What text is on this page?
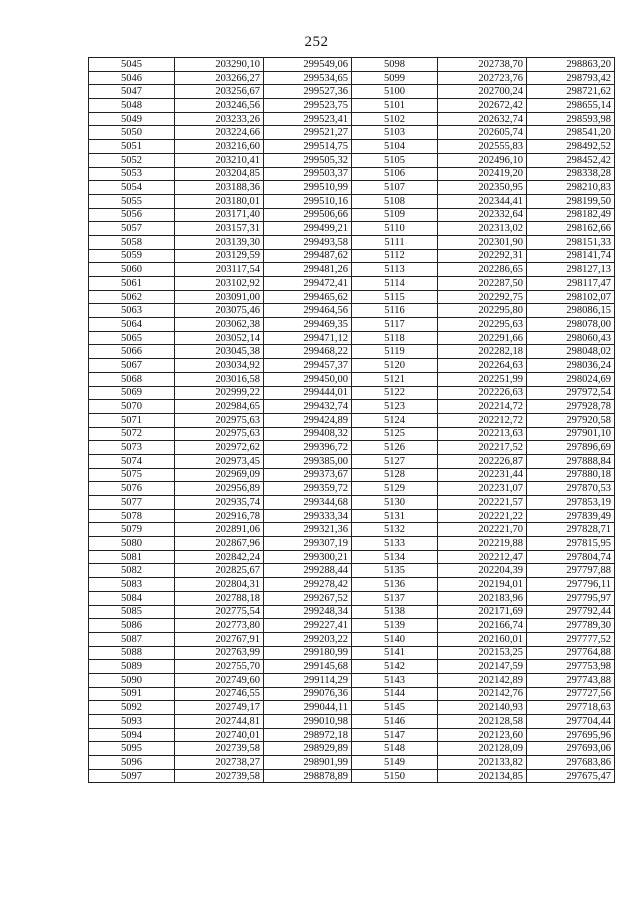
252
5045	203290,10	299549,06	5098	202738,70	298863,20
5046	203266,27	299534,65	5099	202723,76	298793,42
5047	203256,67	299527,36	5100	202700,24	298721,62
5048	203246,56	299523,75	5101	202672,42	298655,14
5049	203233,26	299523,41	5102	202632,74	298593,98
5050	203224,66	299521,27	5103	202605,74	298541,20
5051	203216,60	299514,75	5104	202555,83	298492,52
5052	203210,41	299505,32	5105	202496,10	298452,42
5053	203204,85	299503,37	5106	202419,20	298338,28
5054	203188,36	299510,99	5107	202350,95	298210,83
5055	203180,01	299510,16	5108	202344,41	298199,50
5056	203171,40	299506,66	5109	202332,64	298182,49
5057	203157,31	299499,21	5110	202313,02	298162,66
5058	203139,30	299493,58	5111	202301,90	298151,33
5059	203129,59	299487,62	5112	202292,31	298141,74
5060	203117,54	299481,26	5113	202286,65	298127,13
5061	203102,92	299472,41	5114	202287,50	298117,47
5062	203091,00	299465,62	5115	202292,75	298102,07
5063	203075,46	299464,56	5116	202295,80	298086,15
5064	203062,38	299469,35	5117	202295,63	298078,00
5065	203052,14	299471,12	5118	202291,66	298060,43
5066	203045,38	299468,22	5119	202282,18	298048,02
5067	203034,92	299457,37	5120	202264,63	298036,24
5068	203016,58	299450,00	5121	202251,99	298024,69
5069	202999,22	299444,01	5122	202226,63	297972,54
5070	202984,65	299432,74	5123	202214,72	297928,78
5071	202975,63	299424,89	5124	202212,72	297920,58
5072	202975,63	299408,32	5125	202213,63	297901,10
5073	202972,62	299396,72	5126	202217,52	297896,69
5074	202973,45	299385,00	5127	202226,87	297888,84
5075	202969,09	299373,67	5128	202231,44	297880,18
5076	202956,89	299359,72	5129	202231,07	297870,53
5077	202935,74	299344,68	5130	202221,57	297853,19
5078	202916,78	299333,34	5131	202221,22	297839,49
5079	202891,06	299321,36	5132	202221,70	297828,71
5080	202867,96	299307,19	5133	202219,88	297815,95
5081	202842,24	299300,21	5134	202212,47	297804,74
5082	202825,67	299288,44	5135	202204,39	297797,88
5083	202804,31	299278,42	5136	202194,01	297796,11
5084	202788,18	299267,52	5137	202183,96	297795,97
5085	202775,54	299248,34	5138	202171,69	297792,44
5086	202773,80	299227,41	5139	202166,74	297789,30
5087	202767,91	299203,22	5140	202160,01	297777,52
5088	202763,99	299180,99	5141	202153,25	297764,88
5089	202755,70	299145,68	5142	202147,59	297753,98
5090	202749,60	299114,29	5143	202142,89	297743,88
5091	202746,55	299076,36	5144	202142,76	297727,56
5092	202749,17	299044,11	5145	202140,93	297718,63
5093	202744,81	299010,98	5146	202128,58	297704,44
5094	202740,01	298972,18	5147	202123,60	297695,96
5095	202739,58	298929,89	5148	202128,09	297693,06
5096	202738,27	298901,99	5149	202133,82	297683,86
5097	202739,58	298878,89	5150	202134,85	297675,47
